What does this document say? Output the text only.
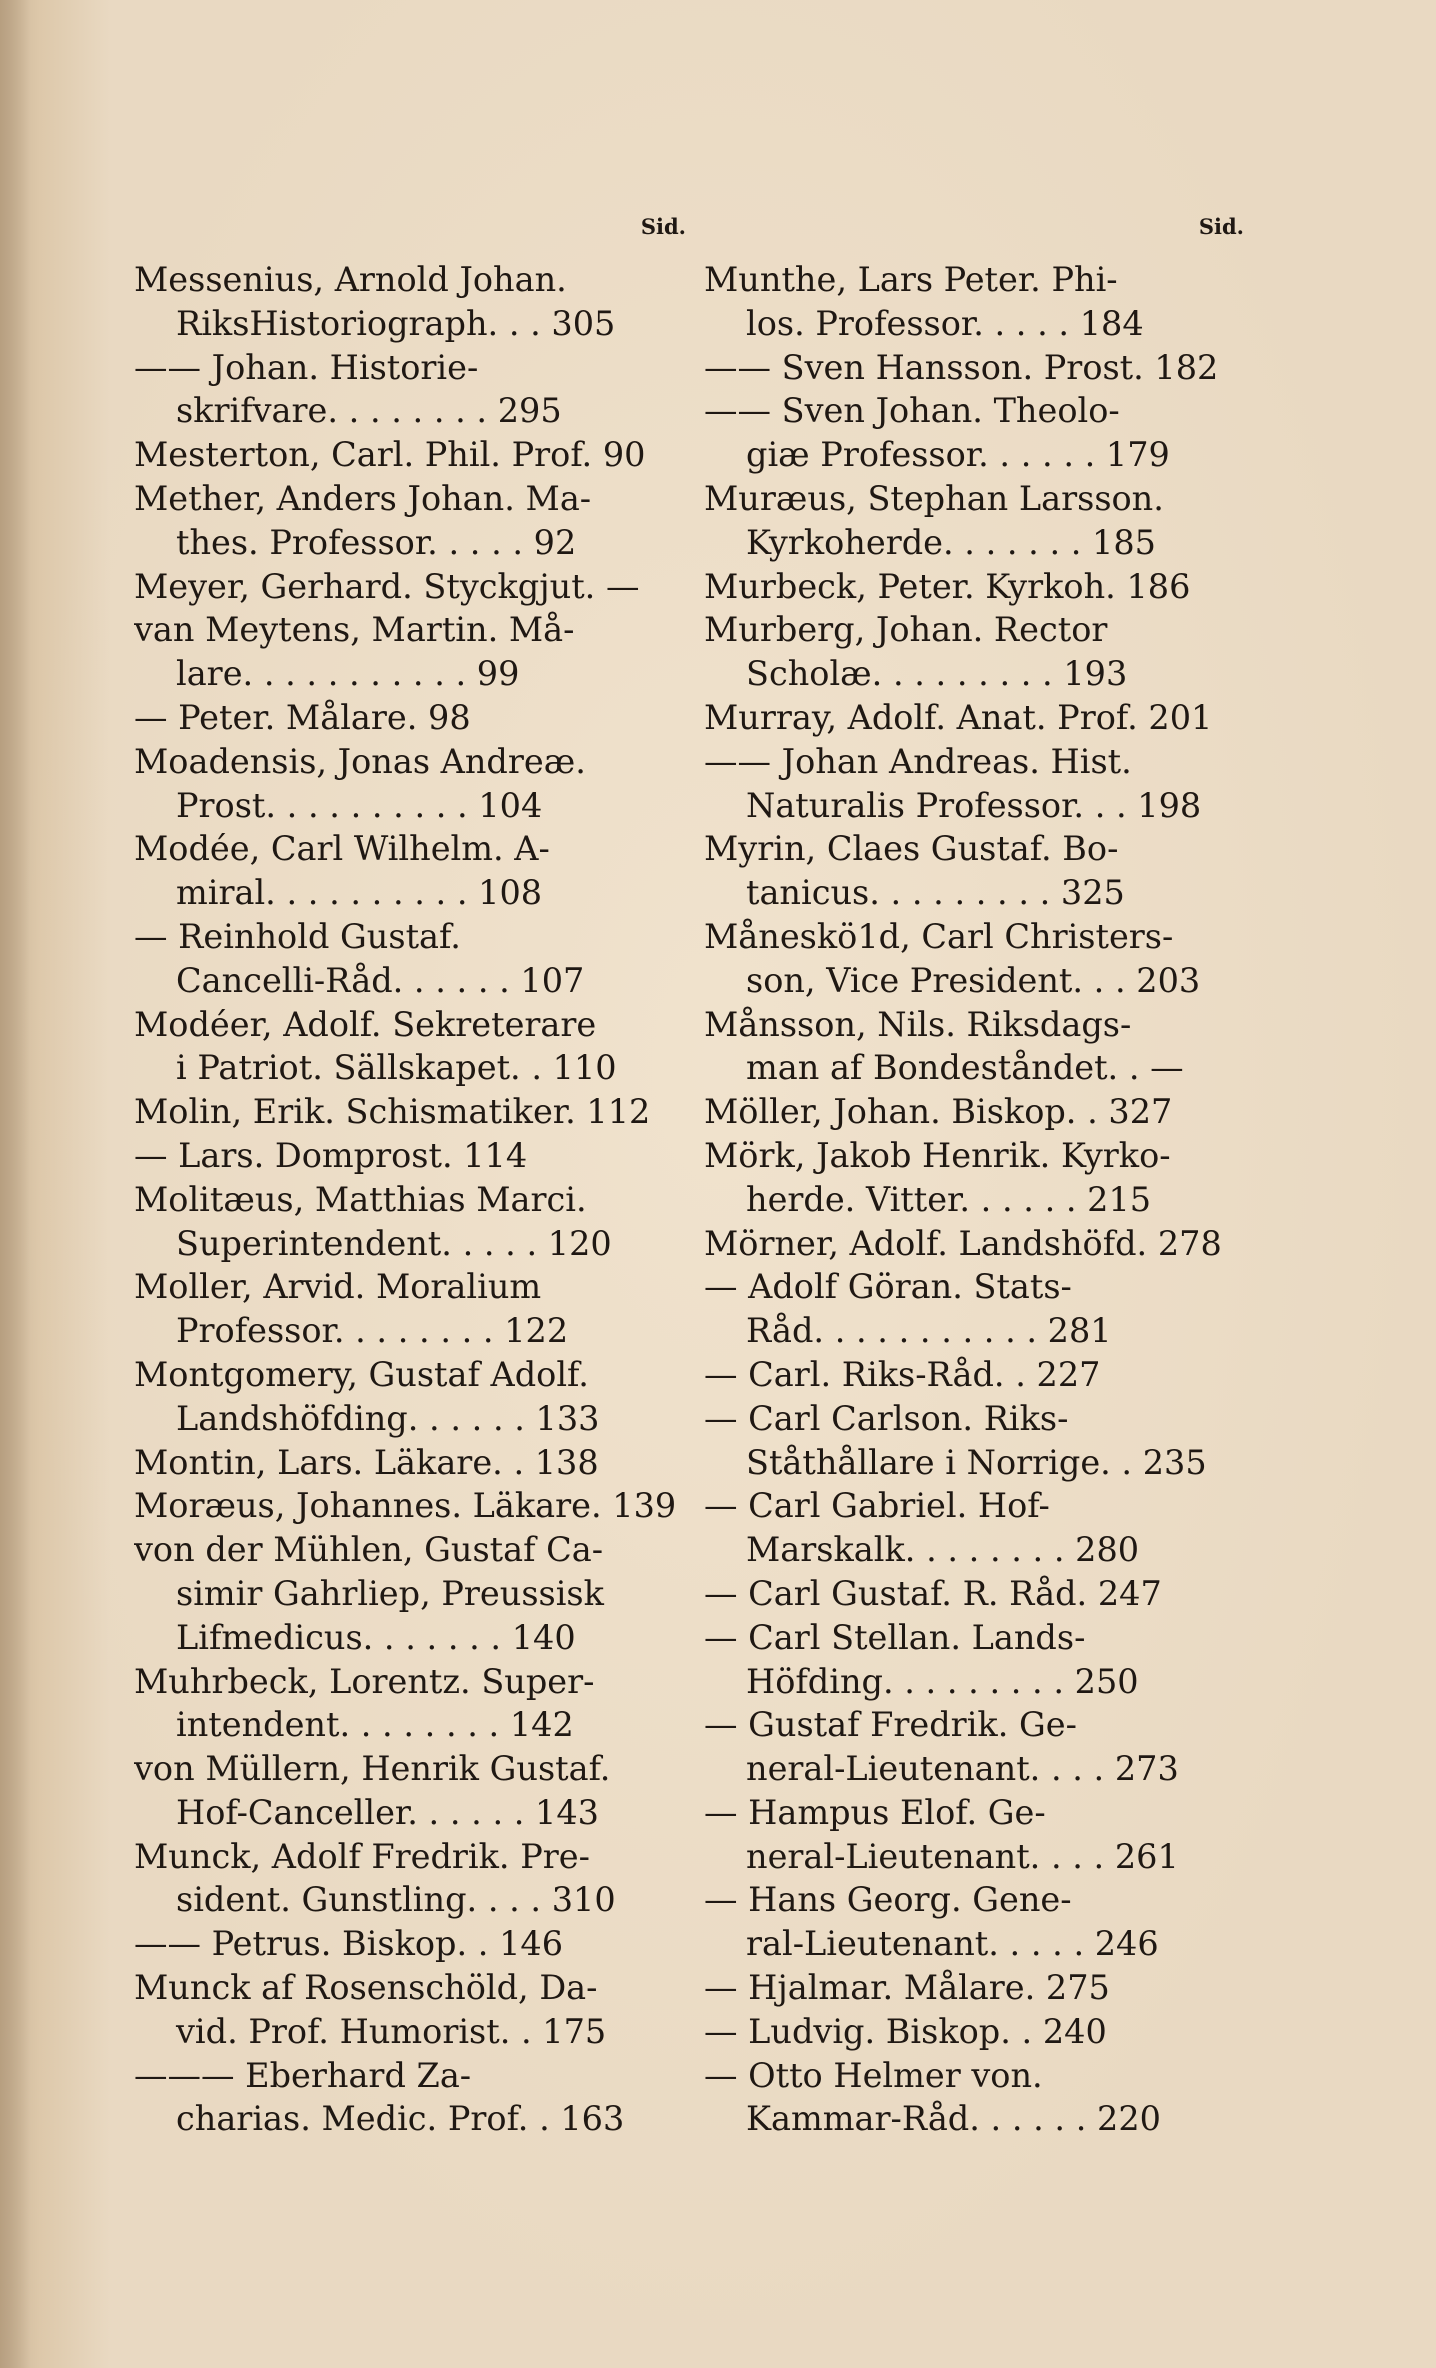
Sid.
Messenius, Arnold Johan.
RiksHistoriograph. . . 305
—— Johan. Historie-
skrifvare. . . . . . . . 295
Mesterton, Carl. Phil. Prof. 90
Mether, Anders Johan. Ma-
thes. Professor. . . . . 92
Meyer, Gerhard. Styckgjut. —
van Meytens, Martin. Må-
lare. . . . . . . . . . . 99
— Peter. Målare. 98
Moadensis, Jonas Andreæ.
Prost. . . . . . . . . . 104
Modée, Carl Wilhelm. A-
miral. . . . . . . . . . 108
— Reinhold Gustaf.
Cancelli-Råd. . . . . . 107
Modéer, Adolf. Sekreterare
i Patriot. Sällskapet. . 110
Molin, Erik. Schismatiker. 112
— Lars. Domprost. 114
Molitæus, Matthias Marci.
Superintendent. . . . . 120
Moller, Arvid. Moralium
Professor. . . . . . . . 122
Montgomery, Gustaf Adolf.
Landshöfding. . . . . . 133
Montin, Lars. Läkare. . 138
Moræus, Johannes. Läkare. 139
von der Mühlen, Gustaf Ca-
simir Gahrliep, Preussisk
Lifmedicus. . . . . . . 140
Muhrbeck, Lorentz. Super-
intendent. . . . . . . . 142
von Müllern, Henrik Gustaf.
Hof-Canceller. . . . . . 143
Munck, Adolf Fredrik. Pre-
sident. Gunstling. . . . 310
—— Petrus. Biskop. . 146
Munck af Rosenschöld, Da-
vid. Prof. Humorist. . 175
——— Eberhard Za-
charias. Medic. Prof. . 163
Sid.
Munthe, Lars Peter. Phi-
los. Professor. . . . . 184
—— Sven Hansson. Prost. 182
—— Sven Johan. Theolo-
giæ Professor. . . . . . 179
Muræus, Stephan Larsson.
Kyrkoherde. . . . . . . 185
Murbeck, Peter. Kyrkoh. 186
Murberg, Johan. Rector
Scholæ. . . . . . . . . 193
Murray, Adolf. Anat. Prof. 201
—— Johan Andreas. Hist.
Naturalis Professor. . . 198
Myrin, Claes Gustaf. Bo-
tanicus. . . . . . . . . 325
Måneskö1d, Carl Christers-
son, Vice President. . . 203
Månsson, Nils. Riksdags-
man af Bondeståndet. . —
Möller, Johan. Biskop. . 327
Mörk, Jakob Henrik. Kyrko-
herde. Vitter. . . . . . 215
Mörner, Adolf. Landshöfd. 278
— Adolf Göran. Stats-
Råd. . . . . . . . . . . 281
— Carl. Riks-Råd. . 227
— Carl Carlson. Riks-
Ståthållare i Norrige. . 235
— Carl Gabriel. Hof-
Marskalk. . . . . . . . 280
— Carl Gustaf. R. Råd. 247
— Carl Stellan. Lands-
Höfding. . . . . . . . . 250
— Gustaf Fredrik. Ge-
neral-Lieutenant. . . . 273
— Hampus Elof. Ge-
neral-Lieutenant. . . . 261
— Hans Georg. Gene-
ral-Lieutenant. . . . . 246
— Hjalmar. Målare. 275
— Ludvig. Biskop. . 240
— Otto Helmer von.
Kammar-Råd. . . . . . 220
